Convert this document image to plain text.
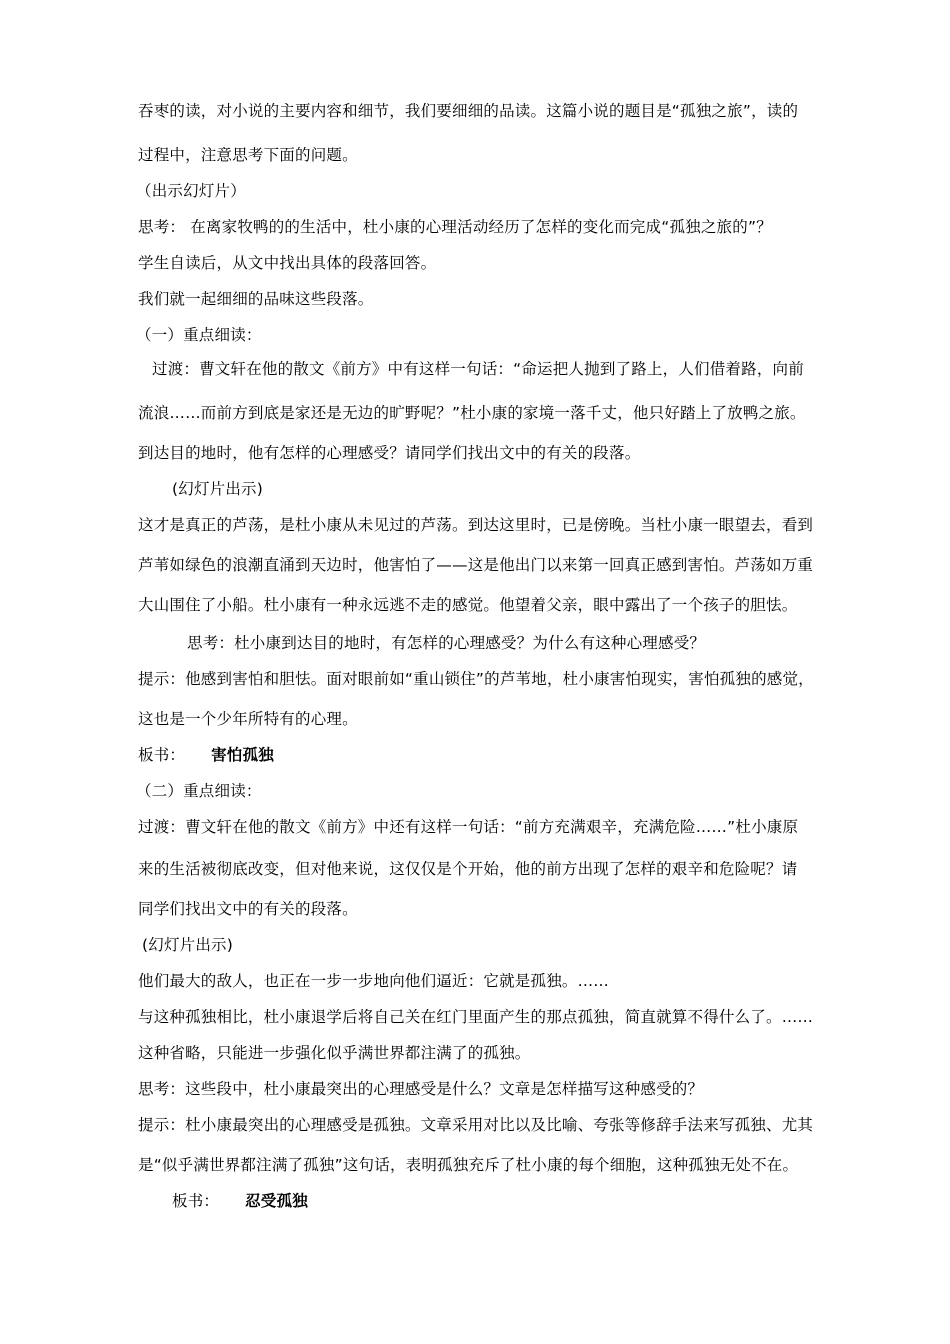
吞枣的读，对小说的主要内容和细节，我们要细细的品读。这篇小说的题目是“孤独之旅”，读的
过程中，注意思考下面的问题。
（出示幻灯片）
思考： 在离家牧鸭的的生活中，杜小康的心理活动经历了怎样的变化而完成“孤独之旅的”？
学生自读后，从文中找出具体的段落回答。
我们就一起细细的品味这些段落。
（一）重点细读：
过渡：曹文轩在他的散文《前方》中有这样一句话：“命运把人抛到了路上，人们借着路，向前
流浪……而前方到底是家还是无边的旷野呢？”杜小康的家境一落千丈，他只好踏上了放鸭之旅。
到达目的地时，他有怎样的心理感受？请同学们找出文中的有关的段落。
(幻灯片出示)
这才是真正的芦荡，是杜小康从未见过的芦荡。到达这里时，已是傍晚。当杜小康一眼望去，看到
芦苇如绿色的浪潮直涌到天边时，他害怕了——这是他出门以来第一回真正感到害怕。芦荡如万重
大山围住了小船。杜小康有一种永远逃不走的感觉。他望着父亲，眼中露出了一个孩子的胆怯。
思考：杜小康到达目的地时，有怎样的心理感受？为什么有这种心理感受？
提示：他感到害怕和胆怯。面对眼前如“重山锁住”的芦苇地，杜小康害怕现实，害怕孤独的感觉，
这也是一个少年所特有的心理。
板书： 害怕孤独
（二）重点细读：
过渡：曹文轩在他的散文《前方》中还有这样一句话：“前方充满艰辛，充满危险……”杜小康原
来的生活被彻底改变，但对他来说，这仅仅是个开始，他的前方出现了怎样的艰辛和危险呢？请
同学们找出文中的有关的段落。
(幻灯片出示)
他们最大的敌人，也正在一步一步地向他们逼近：它就是孤独。……
与这种孤独相比，杜小康退学后将自己关在红门里面产生的那点孤独，简直就算不得什么了。……
这种省略，只能进一步强化似乎满世界都注满了的孤独。
思考：这些段中，杜小康最突出的心理感受是什么？文章是怎样描写这种感受的？
提示：杜小康最突出的心理感受是孤独。文章采用对比以及比喻、夸张等修辞手法来写孤独、尤其
是“似乎满世界都注满了孤独”这句话，表明孤独充斥了杜小康的每个细胞，这种孤独无处不在。
板书： 忍受孤独
